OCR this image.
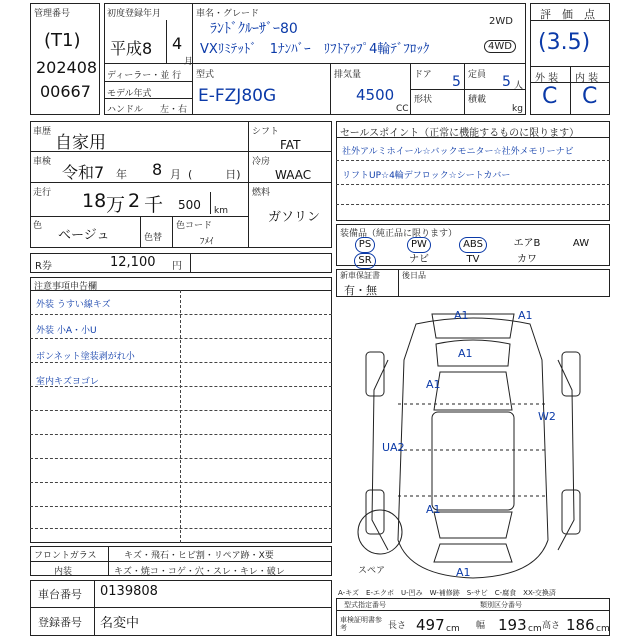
管理番号
(T1)
202408
00667
初度登録年月
平成8 4
月
車名・グレード
ﾗﾝﾄﾞｸﾙｰｻﾞｰ80
VXﾘﾐﾃｯﾄﾞ　1ﾅﾝﾊﾞｰ　ﾘﾌﾄｱｯﾌﾟ4輪ﾃﾞﾌﾛｯｸ
2WD
4WD
ディーラー・並 行
モデル年式
ハンドル 左・右
型式
E-FZJ80G
排気量
4500
CC
ドア 5 定員 5 人
形状	積載
kg
評　価　点
(3.5)
外 装 内 装
C C
車歴
自家用
車検
令和7 年 8 月 (　　　日)
走行 18 万 2 千 500 km
色
ベージュ	色替
色コード
ﾌﾒｲ
シフト
FAT
冷房
WAAC
燃料
ガソリン
セールスポイント（正常に機能するものに限ります）
社外アルミホイール☆バックモニター☆社外メモリーナビ
リフトUP☆4輪デフロック☆シートカバー
装備品（純正品に限ります）
PS	PW	ABS	エアB	AW
SR	ナビ	TV	カワ
新車保証書
有・無
後日品
R券	12,100 円
注意事項申告欄
外装 うすい線キズ
外装 小A・小U
ボンネット塗装剥がれ小
室内キズヨゴレ
フロントガラス	キズ・飛石・ヒビ割・リペア跡・X要
内装	キズ・焼コ・コゲ・穴・スレ・キレ・破レ
車台番号 0139808
登録番号 名変中
A1	A1
A1
A1
W2
UA2
A1
A1
スペア
A-キズ　E-エクボ　U-凹み　W-補修跡　S-サビ　C-腐食　XX-交換済
型式指定番号	類別区分番号
車検証明書参　考	長さ 497 cm 幅 193 cm 高さ 186 cm
